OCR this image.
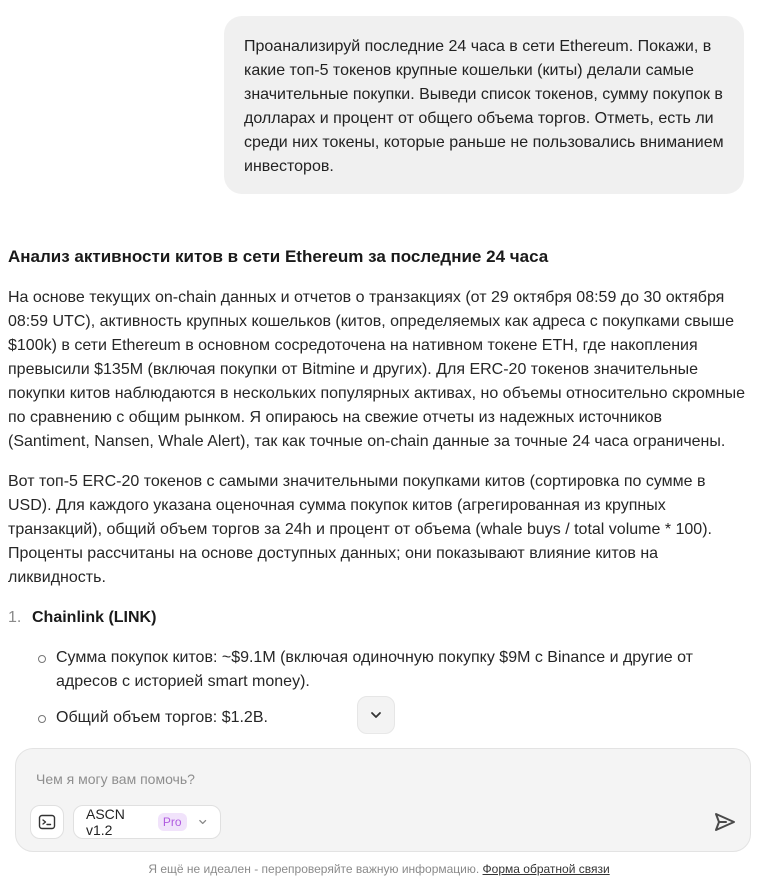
Проанализируй последние 24 часа в сети Ethereum. Покажи, в какие топ-5 токенов крупные кошельки (киты) делали самые значительные покупки. Выведи список токенов, сумму покупок в долларах и процент от общего объема торгов. Отметь, есть ли среди них токены, которые раньше не пользовались вниманием инвесторов.
Анализ активности китов в сети Ethereum за последние 24 часа

На основе текущих on-chain данных и отчетов о транзакциях (от 29 октября 08:59 до 30 октября 08:59 UTC), активность крупных кошельков (китов, определяемых как адреса с покупками свыше $100k) в сети Ethereum в основном сосредоточена на нативном токене ETH, где накопления превысили $135M (включая покупки от Bitmine и других). Для ERC-20 токенов значительные покупки китов наблюдаются в нескольких популярных активах, но объемы относительно скромные по сравнению с общим рынком. Я опираюсь на свежие отчеты из надежных источников (Santiment, Nansen, Whale Alert), так как точные on-chain данные за точные 24 часа ограничены.

Вот топ-5 ERC-20 токенов с самыми значительными покупками китов (сортировка по сумме в USD). Для каждого указана оценочная сумма покупок китов (агрегированная из крупных транзакций), общий объем торгов за 24h и процент от объема (whale buys / total volume * 100). Проценты рассчитаны на основе доступных данных; они показывают влияние китов на ликвидность.

1. Chainlink (LINK)
Сумма покупок китов: ~$9.1M (включая одиночную покупку $9M с Binance и другие от адресов с историей smart money).
Общий объем торгов: $1.2B.
Чем я могу вам помочь?
ASCN v1.2	Pro
Я ещё не идеален - перепроверяйте важную информацию. Форма обратной связи
